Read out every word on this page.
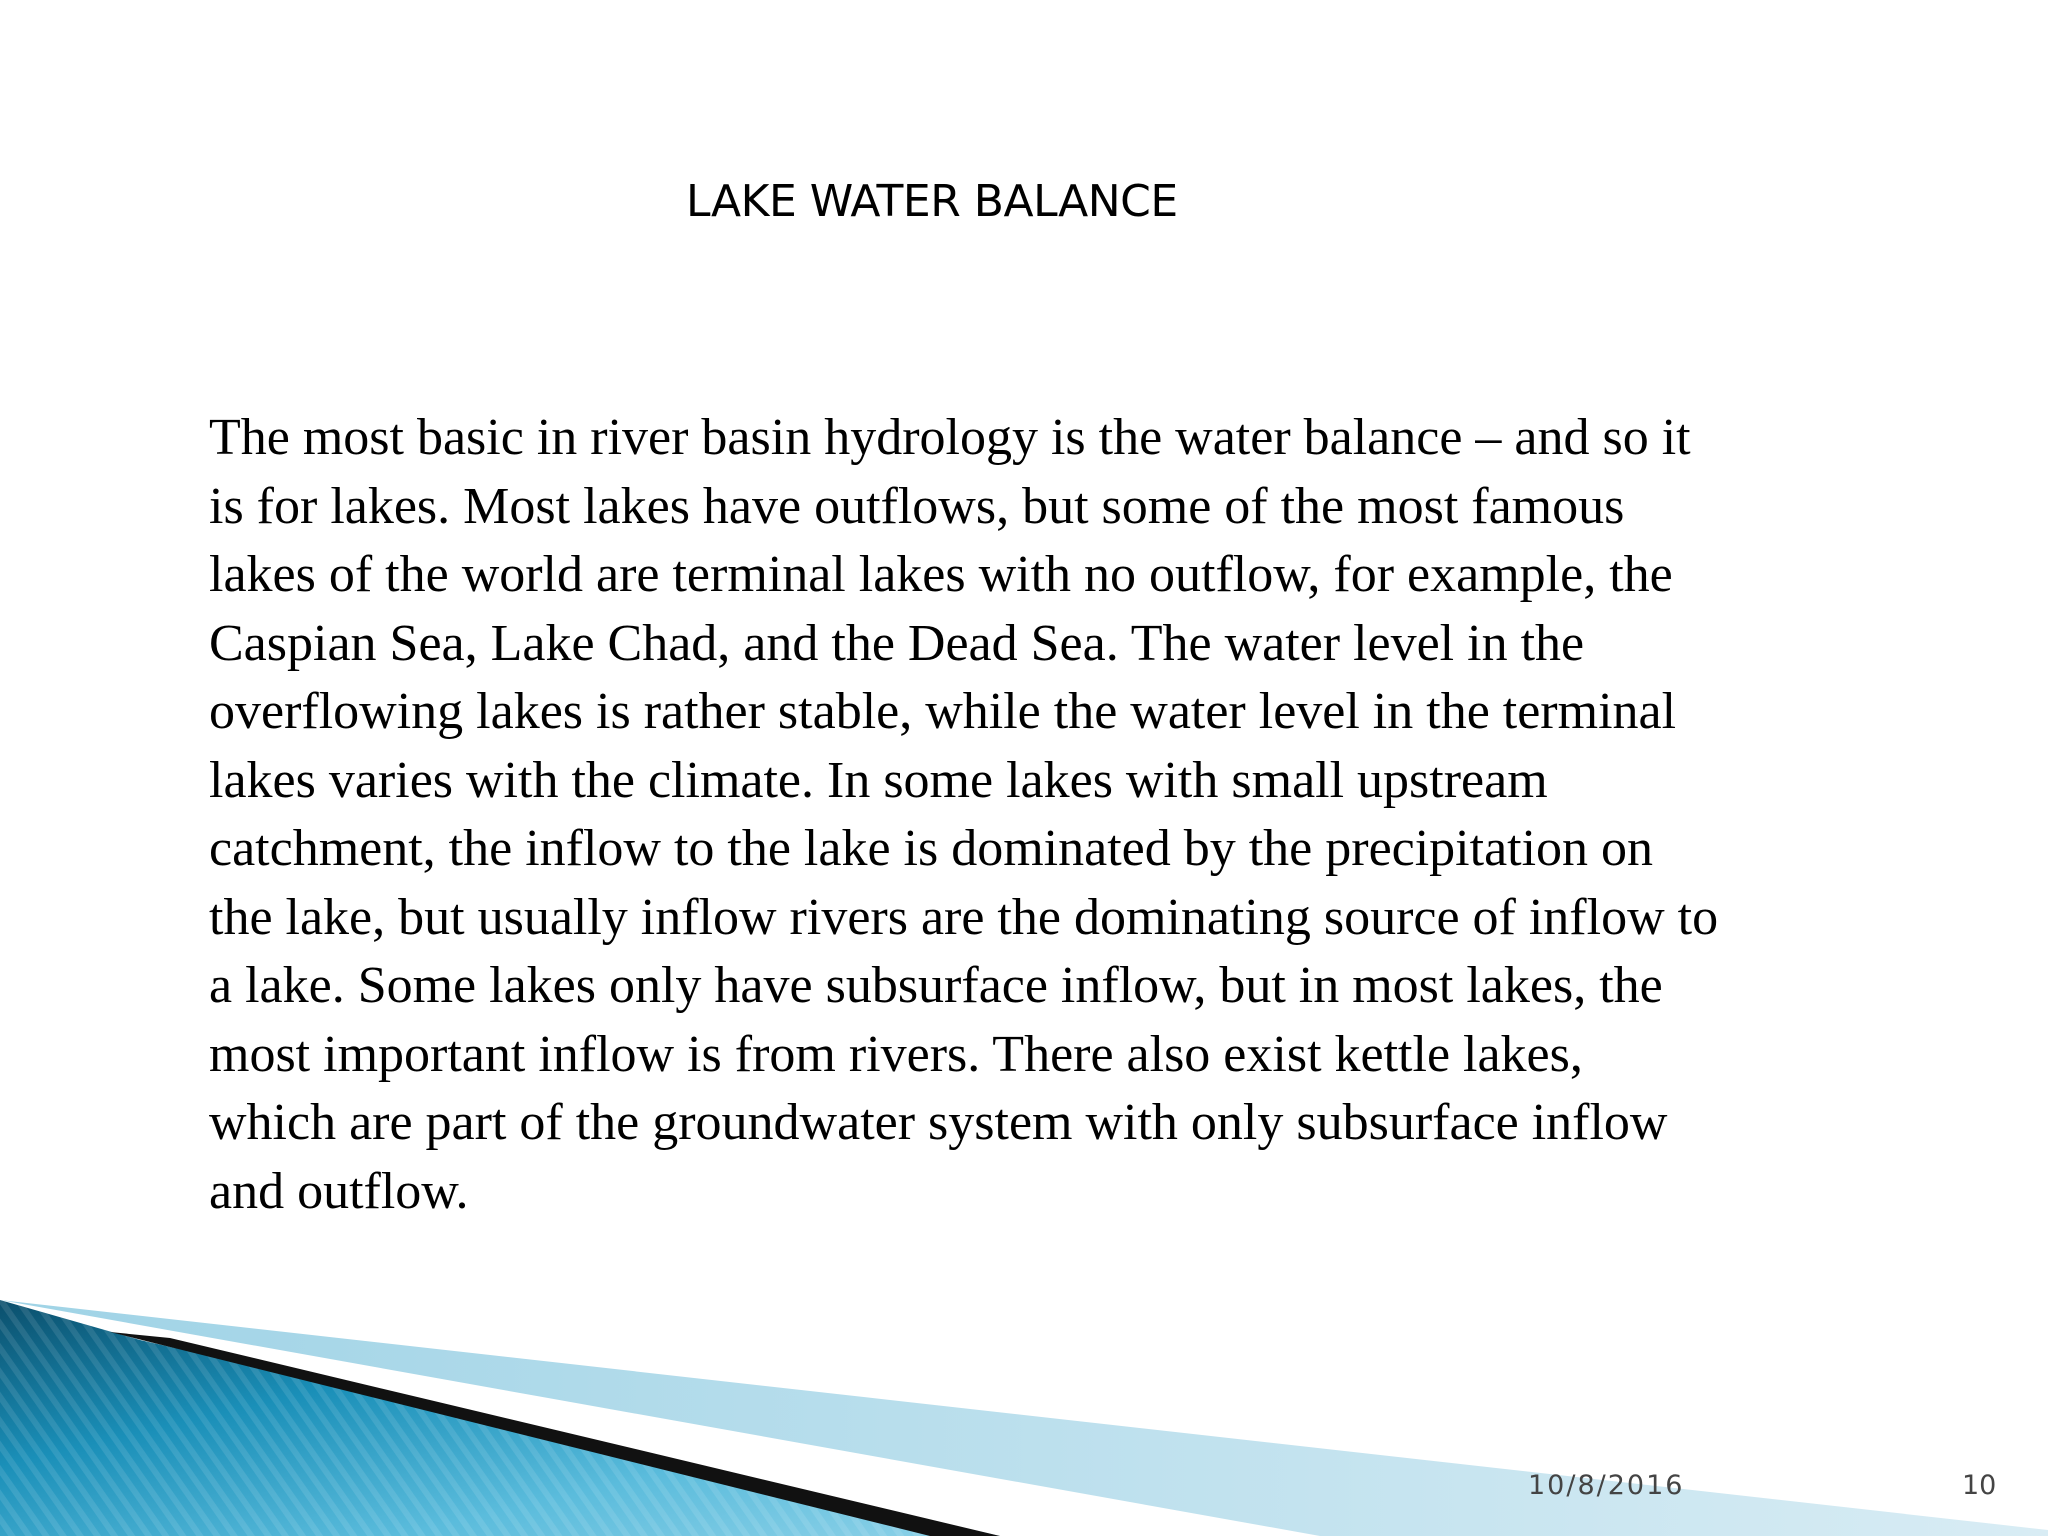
LAKE WATER BALANCE

The most basic in river basin hydrology is the water balance – and so it
is for lakes. Most lakes have outflows, but some of the most famous
lakes of the world are terminal lakes with no outflow, for example, the
Caspian Sea, Lake Chad, and the Dead Sea. The water level in the
overflowing lakes is rather stable, while the water level in the terminal
lakes varies with the climate. In some lakes with small upstream
catchment, the inflow to the lake is dominated by the precipitation on
the lake, but usually inflow rivers are the dominating source of inflow to
a lake. Some lakes only have subsurface inflow, but in most lakes, the
most important inflow is from rivers. There also exist kettle lakes,
which are part of the groundwater system with only subsurface inflow
and outflow.

10/8/2016	10
